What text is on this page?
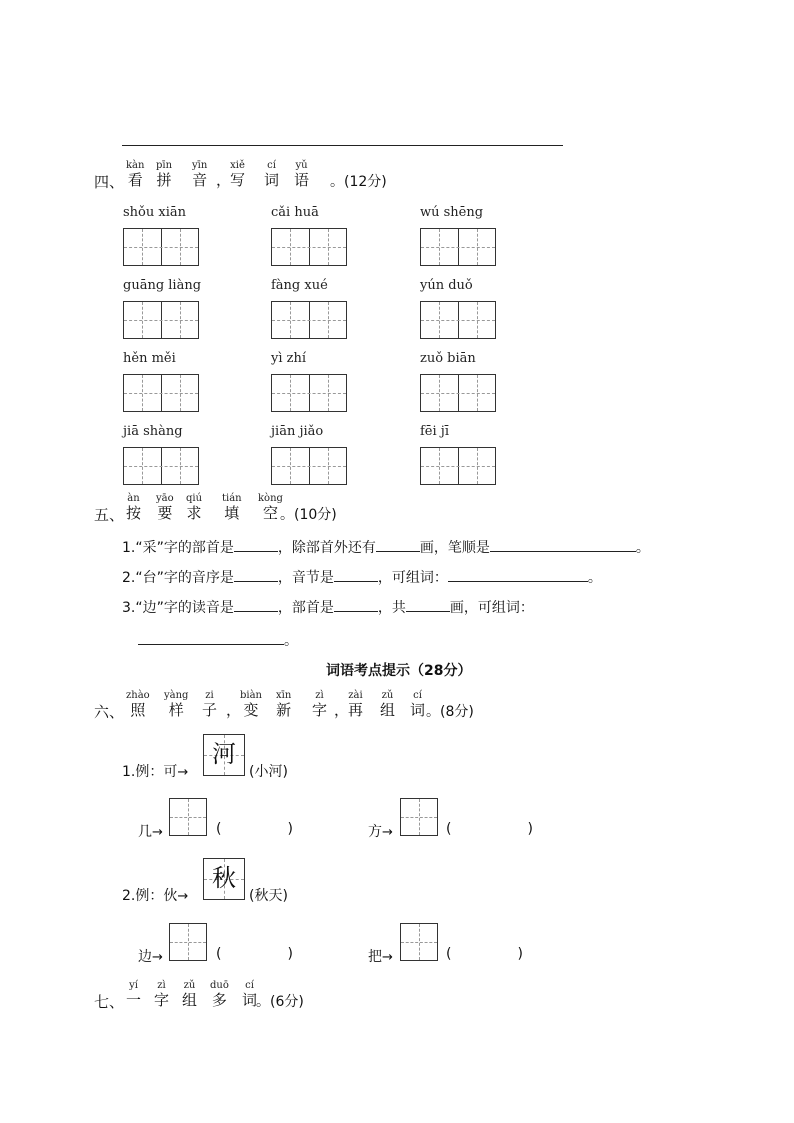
四、
kàn
看
pīn
拼
yīn
音
，
xiě
写
cí
词
yǔ
语 。(12分)
shǒu xiān	cǎi huā	wú shēng
guāng liàng	fàng xué	yún duǒ
hěn měi	yì zhí	zuǒ biān
jiā shàng	jiān jiǎo	fēi jī
五、
àn
按
yāo
要
qiú
求
tián
填
kòng
空 。(10分)
1.“采”字的部首是	，除部首外还有	画，笔顺是	。
2.“台”字的音序是	，音节是	，可组词：	。
3.“边”字的读音是	，部首是	，共	画，可组词：
。
词语考点提示（28分）
六、
zhào
照
yàng
样
zi
子
，
biàn
变
xīn
新
zì
字
，
zài
再
zǔ
组
cí
词 。(8分)
1.例：可→
河
(小河)
几→	(	)	方→	(	)
2.例：伙→
秋
(秋天)
边→	(	)	把→	(	)
七、
yí
一
zì
字
zǔ
组
duō
多
cí
词
。(6分)
